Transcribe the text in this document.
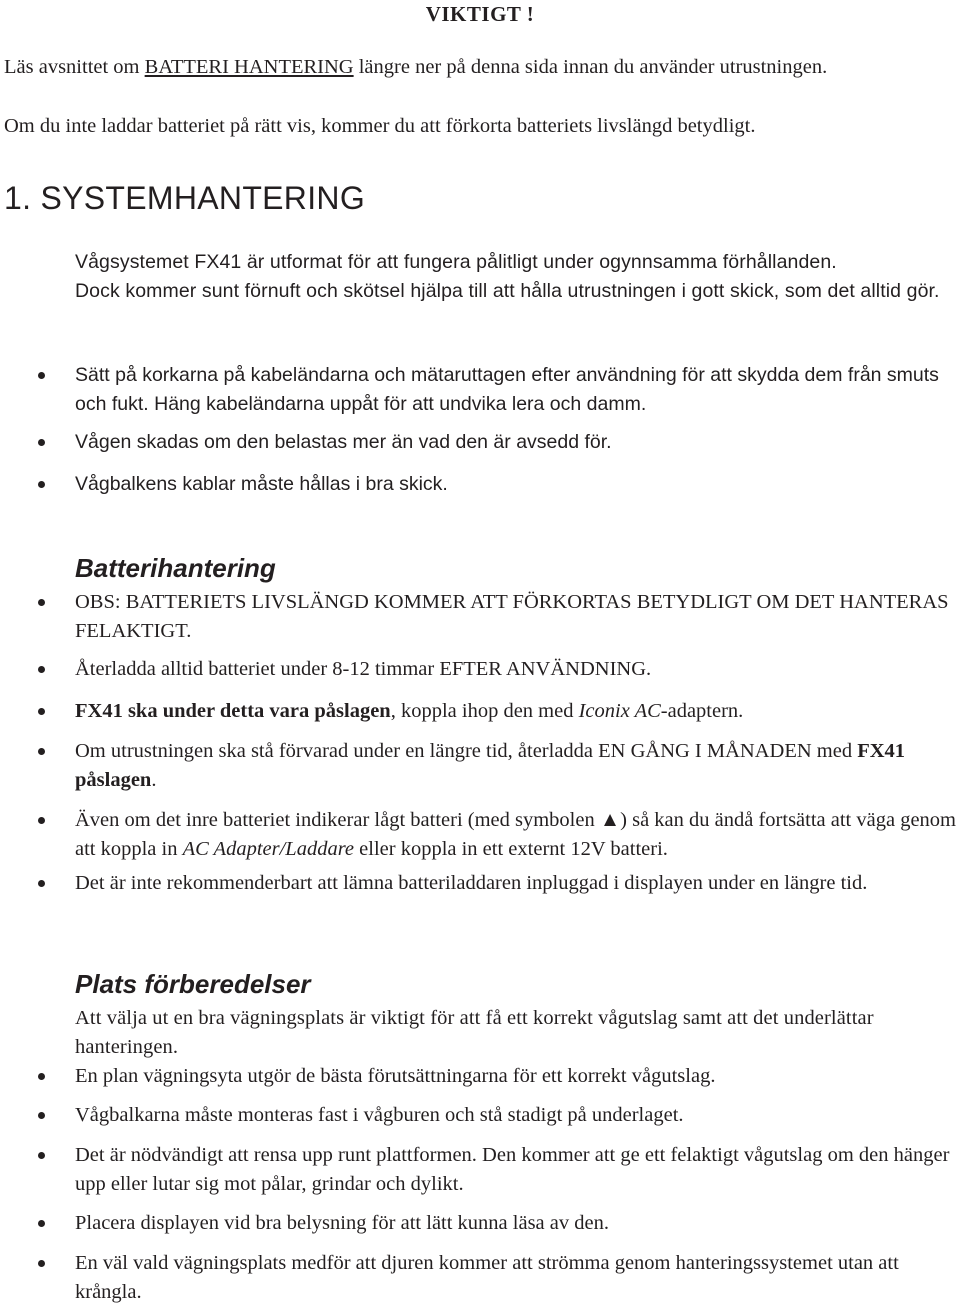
VIKTIGT !
Läs avsnittet om BATTERI HANTERING längre ner på denna sida innan du använder utrustningen.
Om du inte laddar batteriet på rätt vis, kommer du att förkorta batteriets livslängd betydligt.
1. SYSTEMHANTERING
Vågsystemet FX41 är utformat för att fungera pålitligt under ogynnsamma förhållanden.
Dock kommer sunt förnuft och skötsel hjälpa till att hålla utrustningen i gott skick, som det alltid gör.
Sätt på korkarna på kabeländarna och mätaruttagen efter användning för att skydda dem från smuts och fukt. Häng kabeländarna uppåt för att undvika lera och damm.
Vågen skadas om den belastas mer än vad den är avsedd för.
Vågbalkens kablar måste hållas i bra skick.
Batterihantering
OBS: BATTERIETS LIVSLÄNGD KOMMER ATT FÖRKORTAS BETYDLIGT OM DET HANTERAS FELAKTIGT.
Återladda alltid batteriet under 8-12 timmar EFTER ANVÄNDNING.
FX41 ska under detta vara påslagen, koppla ihop den med Iconix AC-adaptern.
Om utrustningen ska stå förvarad under en längre tid, återladda EN GÅNG I MÅNADEN med FX41 påslagen.
Även om det inre batteriet indikerar lågt batteri (med symbolen ▲) så kan du ändå fortsätta att väga genom att koppla in AC Adapter/Laddare eller koppla in ett externt 12V batteri.
Det är inte rekommenderbart att lämna batteriladdaren inpluggad i displayen under en längre tid.
Plats förberedelser
Att välja ut en bra vägningsplats är viktigt för att få ett korrekt vågutslag samt att det underlättar hanteringen.
En plan vägningsyta utgör de bästa förutsättningarna för ett korrekt vågutslag.
Vågbalkarna måste monteras fast i vågburen och stå stadigt på underlaget.
Det är nödvändigt att rensa upp runt plattformen. Den kommer att ge ett felaktigt vågutslag om den hänger upp eller lutar sig mot pålar, grindar och dylikt.
Placera displayen vid bra belysning för att lätt kunna läsa av den.
En väl vald vägningsplats medför att djuren kommer att strömma genom hanteringssystemet utan att krångla.
